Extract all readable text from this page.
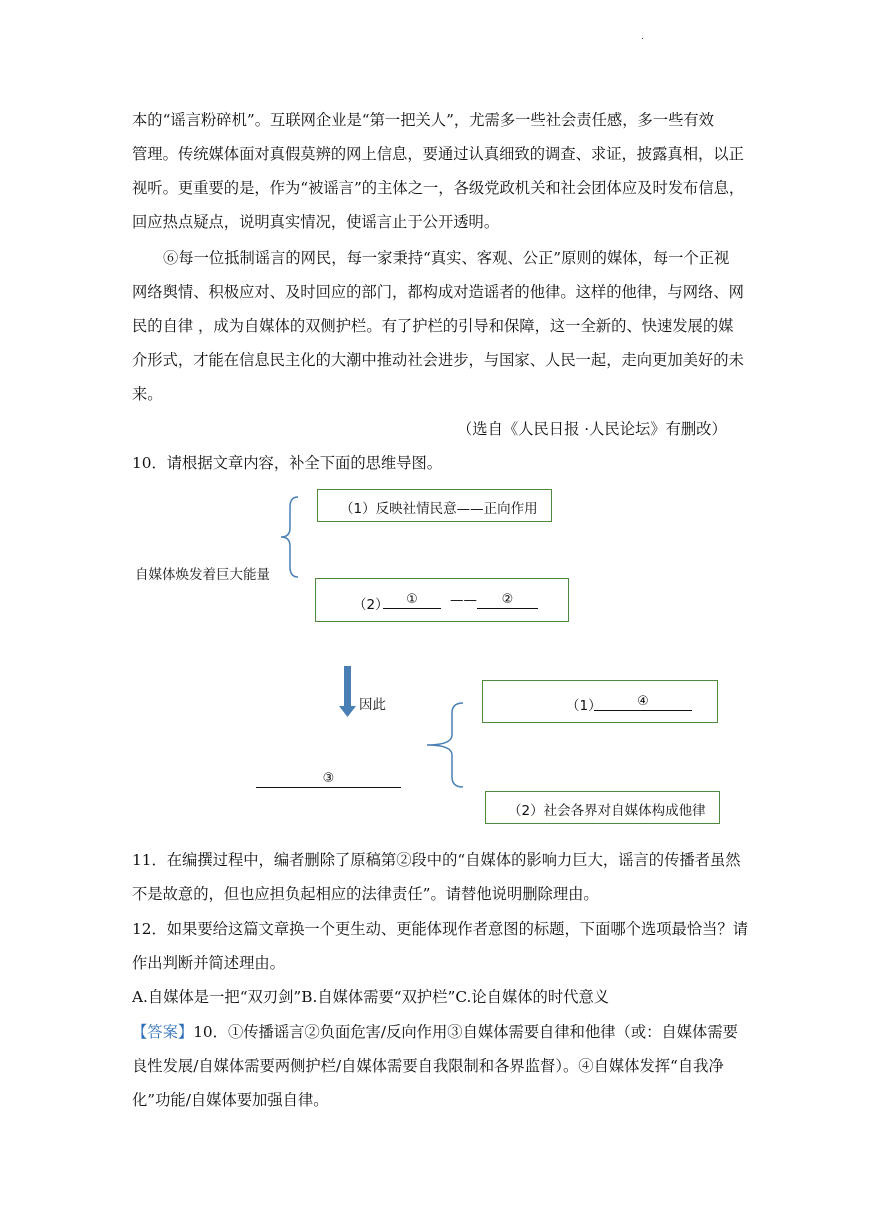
.
本的“谣言粉碎机”。互联网企业是“第一把关人”，尤需多一些社会责任感，多一些有效
管理。传统媒体面对真假莫辨的网上信息，要通过认真细致的调查、求证，披露真相，以正
视听。更重要的是，作为“被谣言”的主体之一，各级党政机关和社会团体应及时发布信息，
回应热点疑点，说明真实情况，使谣言止于公开透明。
⑥每一位抵制谣言的网民，每一家秉持“真实、客观、公正”原则的媒体，每一个正视
网络舆情、积极应对、及时回应的部门，都构成对造谣者的他律。这样的他律，与网络、网
民的自律 ，成为自媒体的双侧护栏。有了护栏的引导和保障，这一全新的、快速发展的媒
介形式，才能在信息民主化的大潮中推动社会进步，与国家、人民一起，走向更加美好的未
来。
（选自《人民日报 ·人民论坛》有删改）
10．请根据文章内容，补全下面的思维导图。
自媒体焕发着巨大能量
（1）反映社情民意——正向作用
（2）	①	——	②
因此
③
（1）	④
（2）社会各界对自媒体构成他律
11．在编撰过程中，编者删除了原稿第②段中的“自媒体的影响力巨大，谣言的传播者虽然
不是故意的，但也应担负起相应的法律责任”。请替他说明删除理由。
12．如果要给这篇文章换一个更生动、更能体现作者意图的标题，下面哪个选项最恰当？请
作出判断并简述理由。
A.自媒体是一把“双刃剑”B.自媒体需要“双护栏”C.论自媒体的时代意义
【答案】10．①传播谣言②负面危害/反向作用③自媒体需要自律和他律（或：自媒体需要
良性发展/自媒体需要两侧护栏/自媒体需要自我限制和各界监督）。④自媒体发挥“自我净
化”功能/自媒体要加强自律。
